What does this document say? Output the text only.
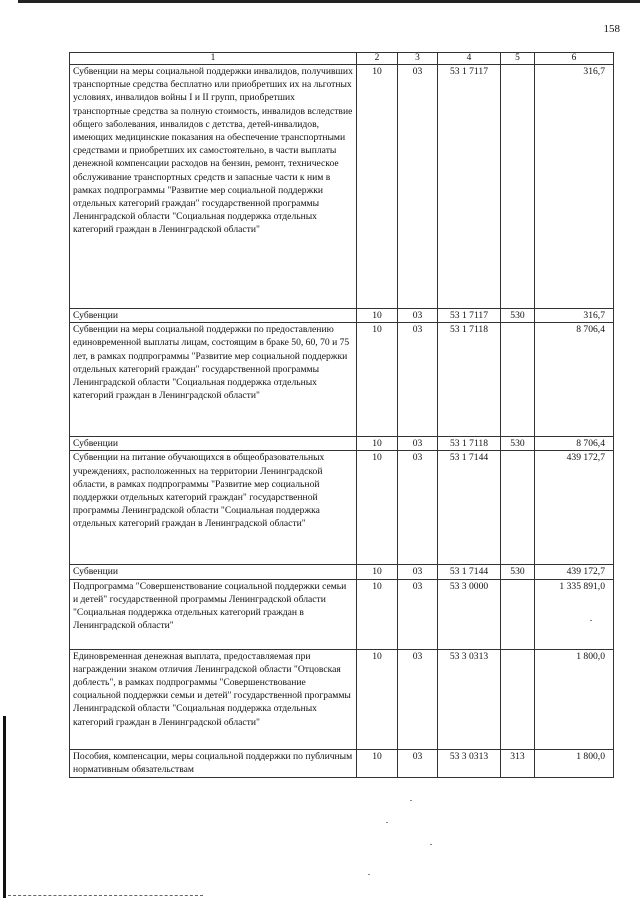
158
1	2	3	4	5	6
Субвенции на меры социальной поддержки инвалидов, получивших транспортные средства бесплатно или приобретших их на льготных условиях, инвалидов войны I и II групп, приобретших транспортные средства за полную стоимость, инвалидов вследствие общего заболевания, инвалидов с детства, детей-инвалидов, имеющих медицинские показания на обеспечение транспортными средствами и приобретших их самостоятельно, в части выплаты денежной компенсации расходов на бензин, ремонт, техническое обслуживание транспортных средств и запасные части к ним в рамках подпрограммы "Развитие мер социальной поддержки отдельных категорий граждан" государственной программы Ленинградской области "Социальная поддержка отдельных категорий граждан в Ленинградской области"	10	03	53 1 7117		316,7
Субвенции	10	03	53 1 7117	530	316,7
Субвенции на меры социальной поддержки по предоставлению единовременной выплаты лицам, состоящим в браке 50, 60, 70 и 75 лет, в рамках подпрограммы "Развитие мер социальной поддержки отдельных категорий граждан" государственной программы Ленинградской области "Социальная поддержка отдельных категорий граждан в Ленинградской области"	10	03	53 1 7118		8 706,4
Субвенции	10	03	53 1 7118	530	8 706,4
Субвенции на питание обучающихся в общеобразовательных учреждениях, расположенных на территории Ленинградской области, в рамках подпрограммы "Развитие мер социальной поддержки отдельных категорий граждан" государственной программы Ленинградской области "Социальная поддержка отдельных категорий граждан в Ленинградской области"	10	03	53 1 7144		439 172,7
Субвенции	10	03	53 1 7144	530	439 172,7
Подпрограмма "Совершенствование социальной поддержки семьи и детей" государственной программы Ленинградской области "Социальная поддержка отдельных категорий граждан в Ленинградской области"	10	03	53 3 0000		1 335 891,0
Единовременная денежная выплата, предоставляемая при награждении знаком отличия Ленинградской области "Отцовская доблесть", в рамках подпрограммы "Совершенствование социальной поддержки семьи и детей" государственной программы Ленинградской области "Социальная поддержка отдельных категорий граждан в Ленинградской области"	10	03	53 3 0313		1 800,0
Пособия, компенсации, меры социальной поддержки по публичным нормативным обязательствам	10	03	53 3 0313	313	1 800,0
